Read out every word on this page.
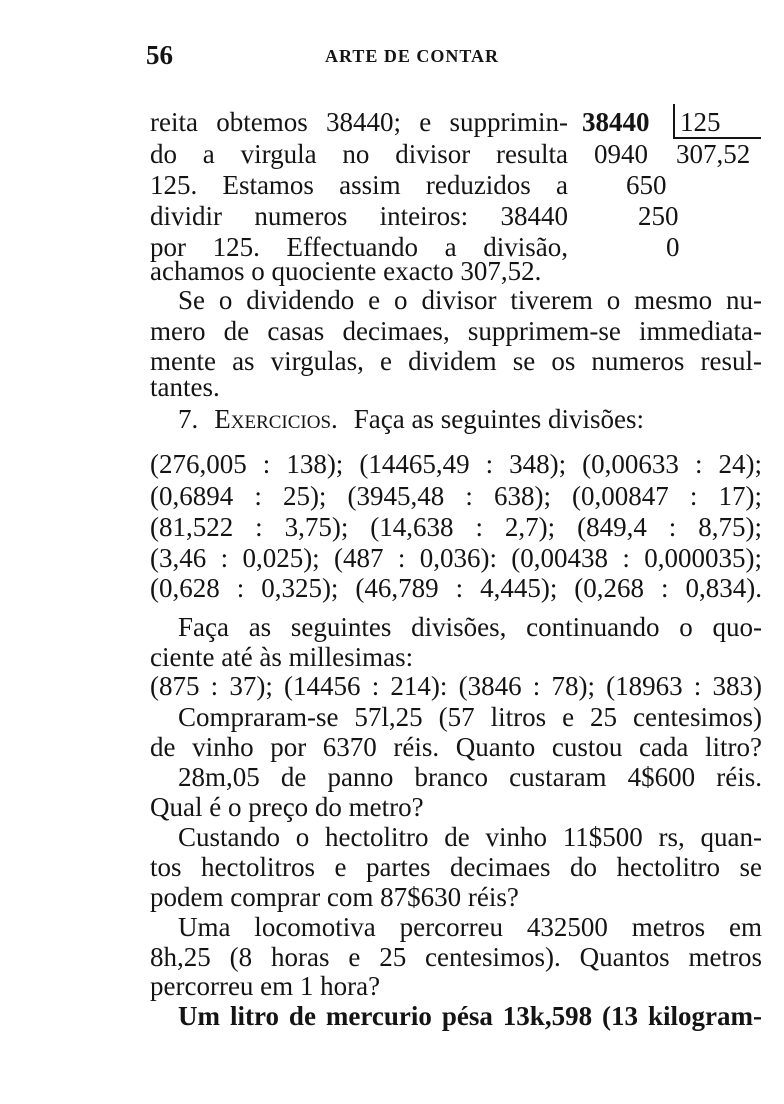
56	ARTE DE CONTAR
38440 125
0940 307,52
650
250
0
reita obtemos 38440; e supprimin-
do a virgula no divisor resulta
125. Estamos assim reduzidos a
dividir numeros inteiros: 38440
por 125. Effectuando a divisão,
achamos o quociente exacto 307,52.
Se o dividendo e o divisor tiverem o mesmo nu-
mero de casas decimaes, supprimem-se immediata-
mente as virgulas, e dividem se os numeros resul-
tantes.
7. Exercicios. Faça as seguintes divisões:
(276,005 : 138); (14465,49 : 348); (0,00633 : 24);
(0,6894 : 25); (3945,48 : 638); (0,00847 : 17);
(81,522 : 3,75); (14,638 : 2,7); (849,4 : 8,75);
(3,46 : 0,025); (487 : 0,036): (0,00438 : 0,000035);
(0,628 : 0,325); (46,789 : 4,445); (0,268 : 0,834).
Faça as seguintes divisões, continuando o quo-
ciente até às millesimas:
(875 : 37); (14456 : 214): (3846 : 78); (18963 : 383)
Compraram-se 57l,25 (57 litros e 25 centesimos)
de vinho por 6370 réis. Quanto custou cada litro?
28m,05 de panno branco custaram 4$600 réis.
Qual é o preço do metro?
Custando o hectolitro de vinho 11$500 rs, quan-
tos hectolitros e partes decimaes do hectolitro se
podem comprar com 87$630 réis?
Uma locomotiva percorreu 432500 metros em
8h,25 (8 horas e 25 centesimos). Quantos metros
percorreu em 1 hora?
Um litro de mercurio pésa 13k,598 (13 kilogram-
